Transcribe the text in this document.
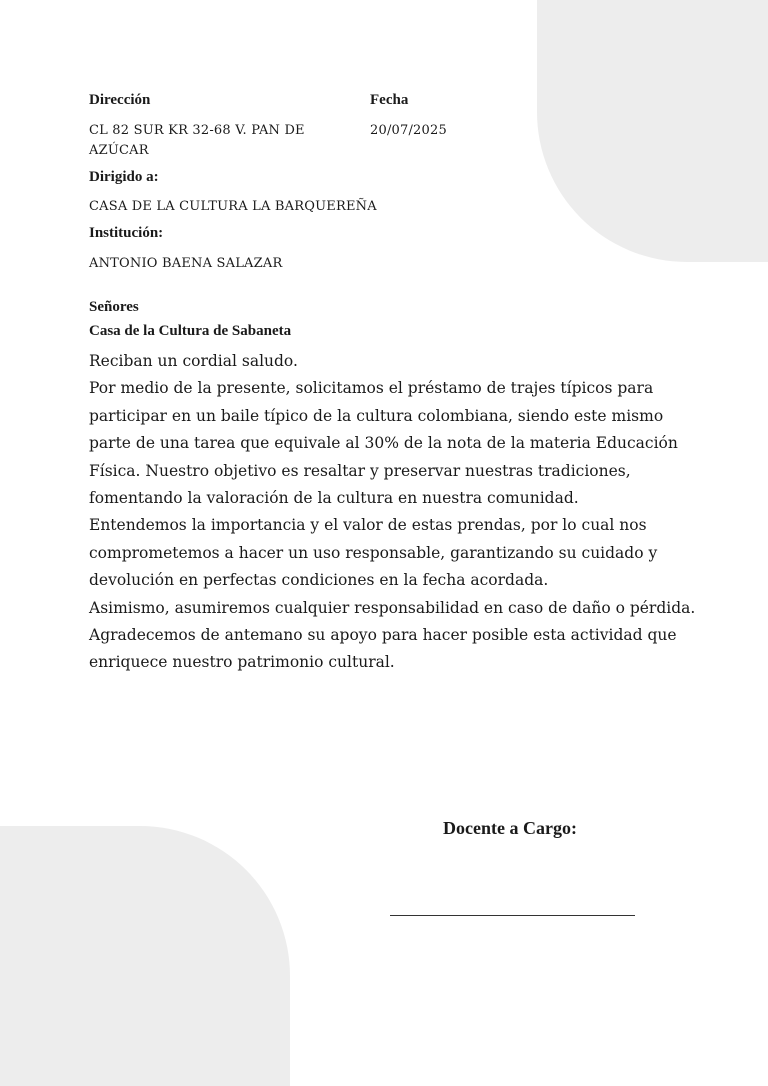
Dirección
CL 82 SUR KR 32-68 V. PAN DE AZÚCAR
Fecha
20/07/2025
Dirigido a:
CASA DE LA CULTURA LA BARQUEREÑA
Institución:
ANTONIO BAENA SALAZAR
Señores
Casa de la Cultura de Sabaneta

Reciban un cordial saludo.

Por medio de la presente, solicitamos el préstamo de trajes típicos para participar en un baile típico de la cultura colombiana, siendo este mismo parte de una tarea que equivale al 30% de la nota de la materia Educación Física. Nuestro objetivo es resaltar y preservar nuestras tradiciones, fomentando la valoración de la cultura en nuestra comunidad.

Entendemos la importancia y el valor de estas prendas, por lo cual nos comprometemos a hacer un uso responsable, garantizando su cuidado y devolución en perfectas condiciones en la fecha acordada.

Asimismo, asumiremos cualquier responsabilidad en caso de daño o pérdida.

Agradecemos de antemano su apoyo para hacer posible esta actividad que enriquece nuestro patrimonio cultural.

Docente a Cargo:
